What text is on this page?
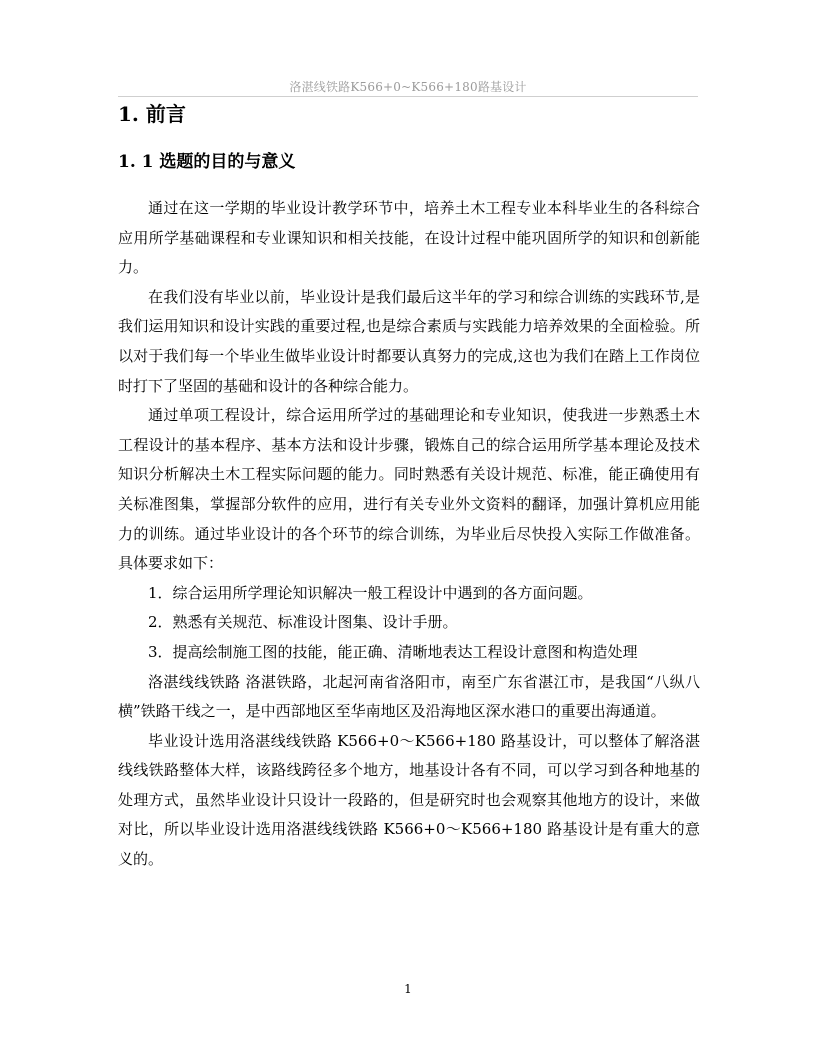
洛湛线铁路K566+0~K566+180路基设计
1. 前言
1. 1 选题的目的与意义

通过在这一学期的毕业设计教学环节中，培养土木工程专业本科毕业生的各科综合应用所学基础课程和专业课知识和相关技能，在设计过程中能巩固所学的知识和创新能力。

在我们没有毕业以前，毕业设计是我们最后这半年的学习和综合训练的实践环节,是我们运用知识和设计实践的重要过程,也是综合素质与实践能力培养效果的全面检验。所以对于我们每一个毕业生做毕业设计时都要认真努力的完成,这也为我们在踏上工作岗位时打下了坚固的基础和设计的各种综合能力。

通过单项工程设计，综合运用所学过的基础理论和专业知识，使我进一步熟悉土木工程设计的基本程序、基本方法和设计步骤，锻炼自己的综合运用所学基本理论及技术知识分析解决土木工程实际问题的能力。同时熟悉有关设计规范、标准，能正确使用有关标准图集，掌握部分软件的应用，进行有关专业外文资料的翻译，加强计算机应用能力的训练。通过毕业设计的各个环节的综合训练，为毕业后尽快投入实际工作做准备。具体要求如下：

1．综合运用所学理论知识解决一般工程设计中遇到的各方面问题。

2．熟悉有关规范、标准设计图集、设计手册。

3．提高绘制施工图的技能，能正确、清晰地表达工程设计意图和构造处理

洛湛线线铁路 洛湛铁路，北起河南省洛阳市，南至广东省湛江市，是我国“八纵八横”铁路干线之一，是中西部地区至华南地区及沿海地区深水港口的重要出海通道。

毕业设计选用洛湛线线铁路 K566+0～K566+180 路基设计，可以整体了解洛湛线线铁路整体大样，该路线跨径多个地方，地基设计各有不同，可以学习到各种地基的处理方式，虽然毕业设计只设计一段路的，但是研究时也会观察其他地方的设计，来做对比，所以毕业设计选用洛湛线线铁路 K566+0～K566+180 路基设计是有重大的意义的。

1
